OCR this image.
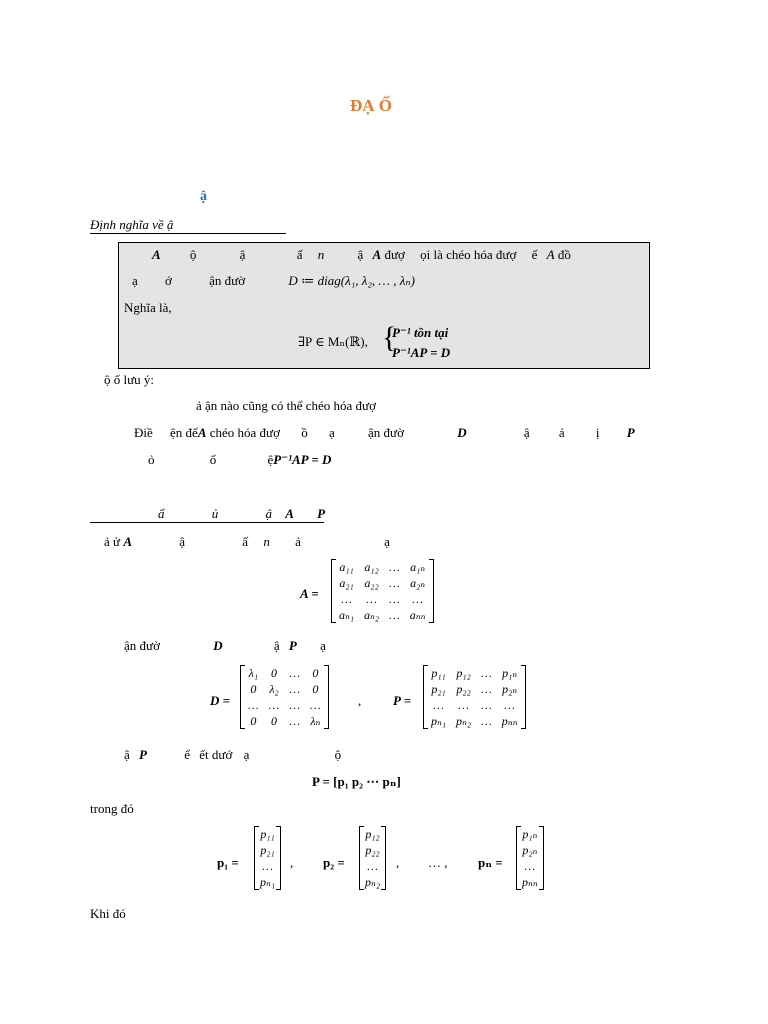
ĐẠ Ố
ậ
Định nghĩa về ậ
A ộ	ậ	ấ n	ậ A đượ ọi là chéo hóa đượ ế A đồ
ạ ớ	ận đườ	D ≔ diag(λ₁, λ₂, … , λₙ)
Nghĩa là,
∃P ∈ Mₙ(ℝ), {
P⁻¹ tồn tại
P⁻¹AP = D
ộ ố lưu ý:
ả ận nào cũng có thể chéo hóa đượ
Điề ện đểA chéo hóa đượ ồ ạ	ận đườ	D	ậ ả ị P
ỏ	ố	ệP⁻¹AP = D
ẩ	ủ	ậ A P
ả ử A	ậ	ấ n ả	ạ
A =
a₁₁	a₁₂	…	a₁ₙ
a₂₁	a₂₂	…	a₂ₙ
…	…	…	…
aₙ₁	aₙ₂	…	aₙₙ
ận đườ	D	ậ P ạ
D =
λ₁	0	…	0
0	λ₂	…	0
…	…	…	…
0	0	…	λₙ
, P =
p₁₁	p₁₂	…	p₁ₙ
p₂₁	p₂₂	…	p₂ₙ
…	…	…	…
pₙ₁	pₙ₂	…	pₙₙ
ậ P	ể ết dướ ạ	ộ
P = [p₁ p₂ ⋯ pₙ]
trong đó
p₁ =
p₁₁
p₂₁
…
pₙ₁
, p₂ =
p₁₂
p₂₂
…
pₙ₂
, … , pₙ =
p₁ₙ
p₂ₙ
…
pₙₙ
Khi đó
